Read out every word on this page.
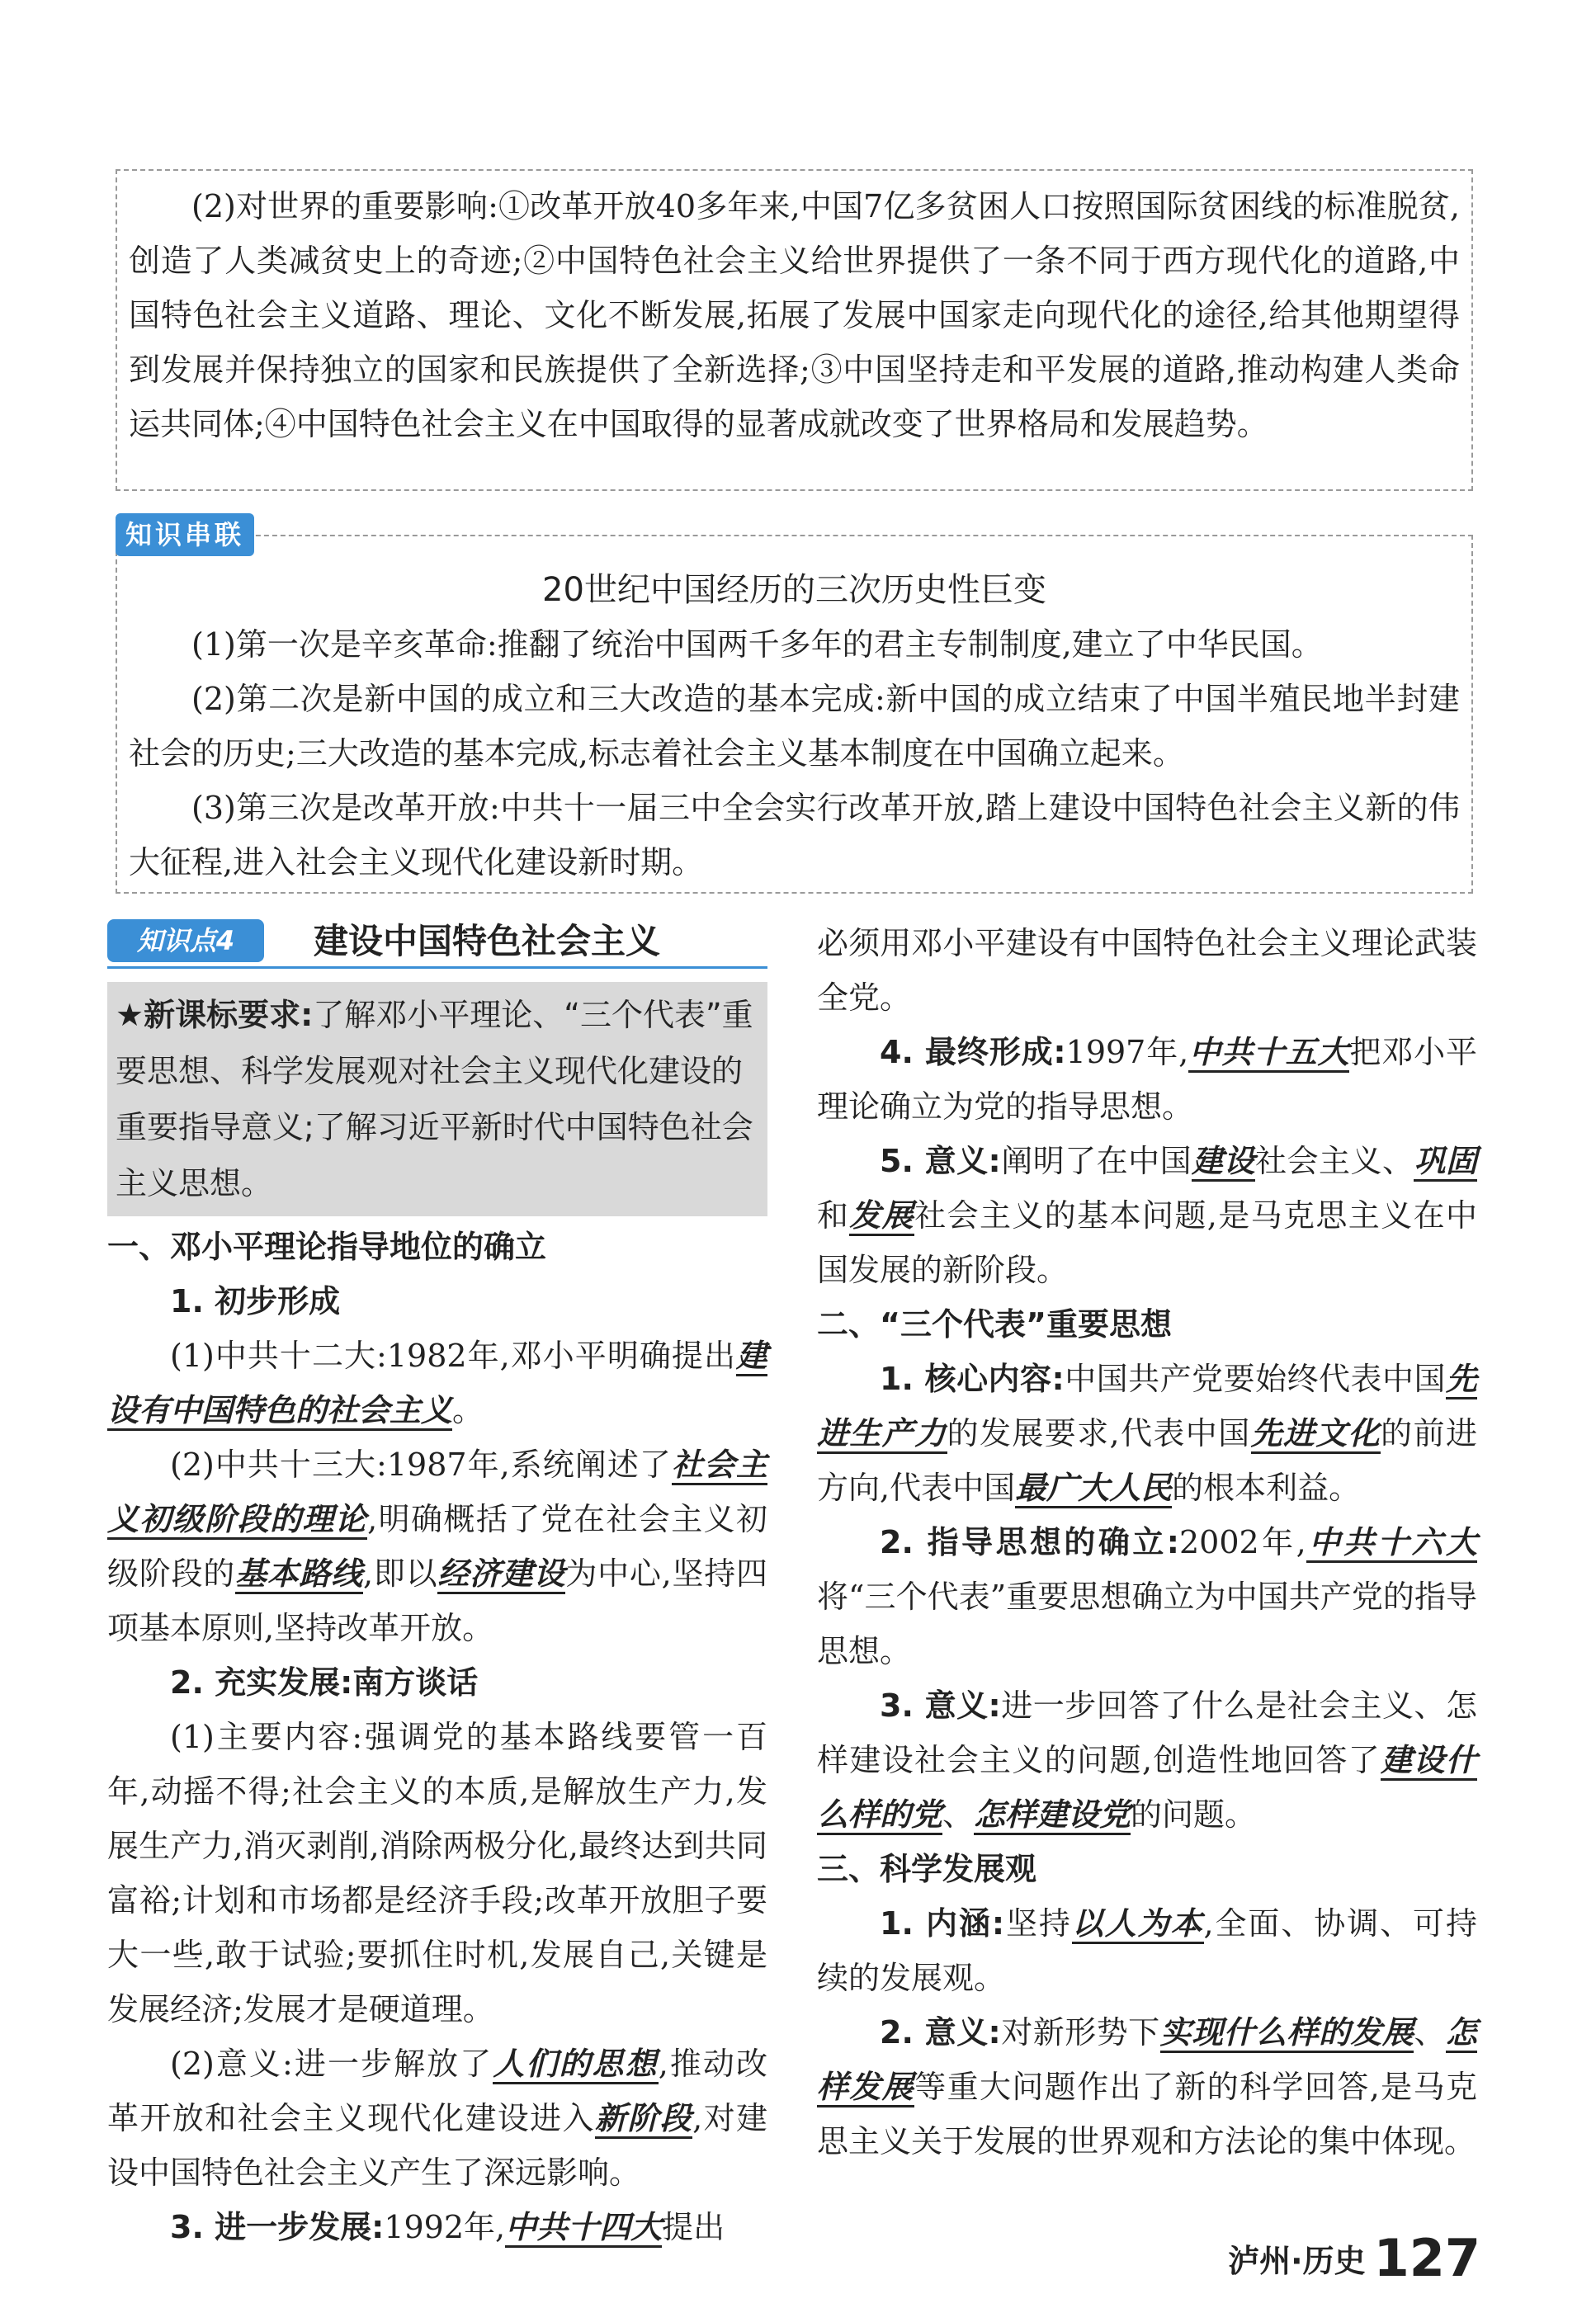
(2)对世界的重要影响:①改革开放40多年来,中国7亿多贫困人口按照国际贫困线的标准脱贫,创造了人类减贫史上的奇迹;②中国特色社会主义给世界提供了一条不同于西方现代化的道路,中国特色社会主义道路、理论、文化不断发展,拓展了发展中国家走向现代化的途径,给其他期望得到发展并保持独立的国家和民族提供了全新选择;③中国坚持走和平发展的道路,推动构建人类命运共同体;④中国特色社会主义在中国取得的显著成就改变了世界格局和发展趋势。

20世纪中国经历的三次历史性巨变

(1)第一次是辛亥革命:推翻了统治中国两千多年的君主专制制度,建立了中华民国。

(2)第二次是新中国的成立和三大改造的基本完成:新中国的成立结束了中国半殖民地半封建社会的历史;三大改造的基本完成,标志着社会主义基本制度在中国确立起来。

(3)第三次是改革开放:中共十一届三中全会实行改革开放,踏上建设中国特色社会主义新的伟大征程,进入社会主义现代化建设新时期。

知识串联
知识点4	建设中国特色社会主义
★新课标要求:了解邓小平理论、“三个代表”重要思想、科学发展观对社会主义现代化建设的重要指导意义;了解习近平新时代中国特色社会主义思想。

一、邓小平理论指导地位的确立

1. 初步形成

(1)中共十二大:1982年,邓小平明确提出建设有中国特色的社会主义。

(2)中共十三大:1987年,系统阐述了社会主义初级阶段的理论,明确概括了党在社会主义初级阶段的基本路线,即以经济建设为中心,坚持四项基本原则,坚持改革开放。

2. 充实发展:南方谈话

(1)主要内容:强调党的基本路线要管一百年,动摇不得;社会主义的本质,是解放生产力,发展生产力,消灭剥削,消除两极分化,最终达到共同富裕;计划和市场都是经济手段;改革开放胆子要大一些,敢于试验;要抓住时机,发展自己,关键是发展经济;发展才是硬道理。

(2)意义:进一步解放了人们的思想,推动改革开放和社会主义现代化建设进入新阶段,对建设中国特色社会主义产生了深远影响。

3. 进一步发展:1992年,中共十四大提出

必须用邓小平建设有中国特色社会主义理论武装全党。

4. 最终形成:1997年,中共十五大把邓小平理论确立为党的指导思想。

5. 意义:阐明了在中国建设社会主义、巩固和发展社会主义的基本问题,是马克思主义在中国发展的新阶段。

二、“三个代表”重要思想

1. 核心内容:中国共产党要始终代表中国先进生产力的发展要求,代表中国先进文化的前进方向,代表中国最广大人民的根本利益。

2. 指导思想的确立:2002年,中共十六大将“三个代表”重要思想确立为中国共产党的指导思想。

3. 意义:进一步回答了什么是社会主义、怎样建设社会主义的问题,创造性地回答了建设什么样的党、怎样建设党的问题。

三、科学发展观

1. 内涵:坚持以人为本,全面、协调、可持续的发展观。

2. 意义:对新形势下实现什么样的发展、怎样发展等重大问题作出了新的科学回答,是马克思主义关于发展的世界观和方法论的集中体现。

泸州·历史 127
